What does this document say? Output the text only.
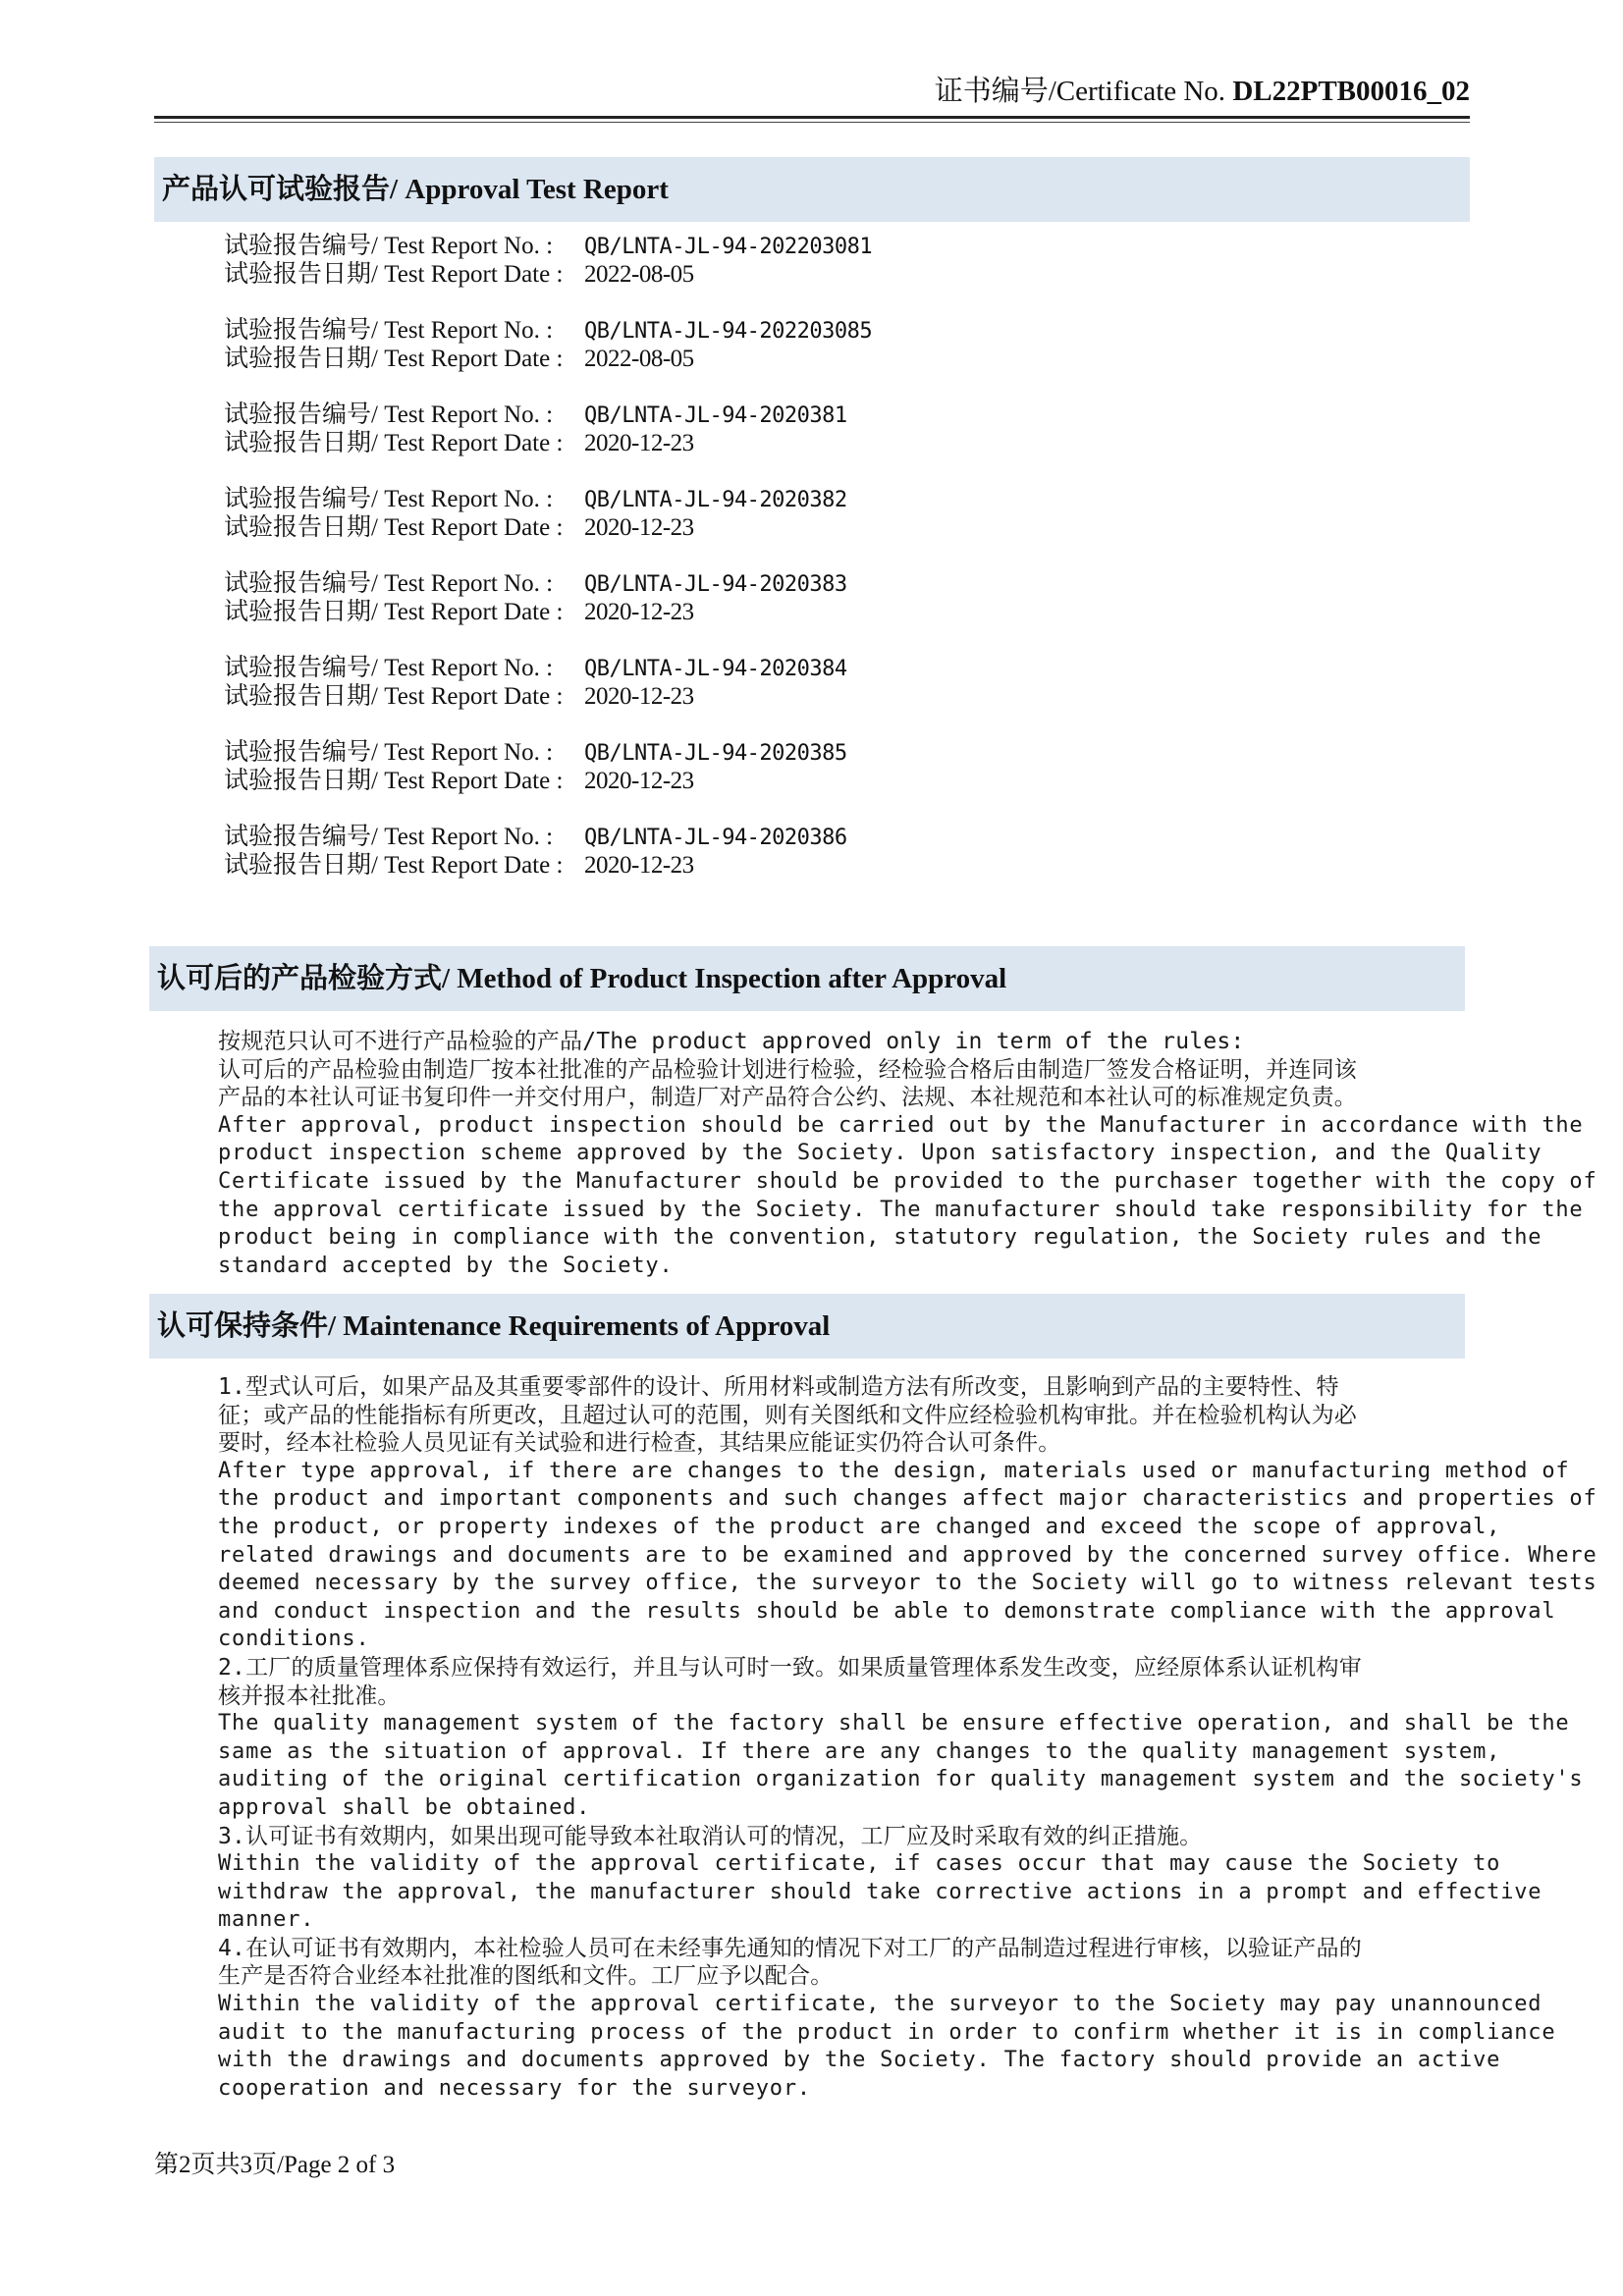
证书编号/Certificate No. DL22PTB00016_02
产品认可试验报告/ Approval Test Report
试验报告编号/ Test Report No. : QB/LNTA-JL-94-202203081
试验报告日期/ Test Report Date : 2022-08-05
试验报告编号/ Test Report No. : QB/LNTA-JL-94-202203085
试验报告日期/ Test Report Date : 2022-08-05
试验报告编号/ Test Report No. : QB/LNTA-JL-94-2020381
试验报告日期/ Test Report Date : 2020-12-23
试验报告编号/ Test Report No. : QB/LNTA-JL-94-2020382
试验报告日期/ Test Report Date : 2020-12-23
试验报告编号/ Test Report No. : QB/LNTA-JL-94-2020383
试验报告日期/ Test Report Date : 2020-12-23
试验报告编号/ Test Report No. : QB/LNTA-JL-94-2020384
试验报告日期/ Test Report Date : 2020-12-23
试验报告编号/ Test Report No. : QB/LNTA-JL-94-2020385
试验报告日期/ Test Report Date : 2020-12-23
试验报告编号/ Test Report No. : QB/LNTA-JL-94-2020386
试验报告日期/ Test Report Date : 2020-12-23
认可后的产品检验方式/ Method of Product Inspection after Approval
按规范只认可不进行产品检验的产品/The product approved only in term of the rules:
认可后的产品检验由制造厂按本社批准的产品检验计划进行检验，经检验合格后由制造厂签发合格证明，并连同该
产品的本社认可证书复印件一并交付用户，制造厂对产品符合公约、法规、本社规范和本社认可的标准规定负责。
After approval, product inspection should be carried out by the Manufacturer in accordance with the
product inspection scheme approved by the Society. Upon satisfactory inspection, and the Quality
Certificate issued by the Manufacturer should be provided to the purchaser together with the copy of
the approval certificate issued by the Society. The manufacturer should take responsibility for the
product being in compliance with the convention, statutory regulation, the Society rules and the
standard accepted by the Society.
认可保持条件/ Maintenance Requirements of Approval
1.型式认可后，如果产品及其重要零部件的设计、所用材料或制造方法有所改变，且影响到产品的主要特性、特
征；或产品的性能指标有所更改，且超过认可的范围，则有关图纸和文件应经检验机构审批。并在检验机构认为必
要时，经本社检验人员见证有关试验和进行检查，其结果应能证实仍符合认可条件。
After type approval, if there are changes to the design, materials used or manufacturing method of
the product and important components and such changes affect major characteristics and properties of
the product, or property indexes of the product are changed and exceed the scope of approval,
related drawings and documents are to be examined and approved by the concerned survey office. Where
deemed necessary by the survey office, the surveyor to the Society will go to witness relevant tests
and conduct inspection and the results should be able to demonstrate compliance with the approval
conditions.
2.工厂的质量管理体系应保持有效运行，并且与认可时一致。如果质量管理体系发生改变，应经原体系认证机构审
核并报本社批准。
The quality management system of the factory shall be ensure effective operation, and shall be the
same as the situation of approval. If there are any changes to the quality management system,
auditing of the original certification organization for quality management system and the society's
approval shall be obtained.
3.认可证书有效期内，如果出现可能导致本社取消认可的情况，工厂应及时采取有效的纠正措施。
Within the validity of the approval certificate, if cases occur that may cause the Society to
withdraw the approval, the manufacturer should take corrective actions in a prompt and effective
manner.
4.在认可证书有效期内，本社检验人员可在未经事先通知的情况下对工厂的产品制造过程进行审核，以验证产品的
生产是否符合业经本社批准的图纸和文件。工厂应予以配合。
Within the validity of the approval certificate, the surveyor to the Society may pay unannounced
audit to the manufacturing process of the product in order to confirm whether it is in compliance
with the drawings and documents approved by the Society. The factory should provide an active
cooperation and necessary for the surveyor.
第2页共3页/Page 2 of 3
